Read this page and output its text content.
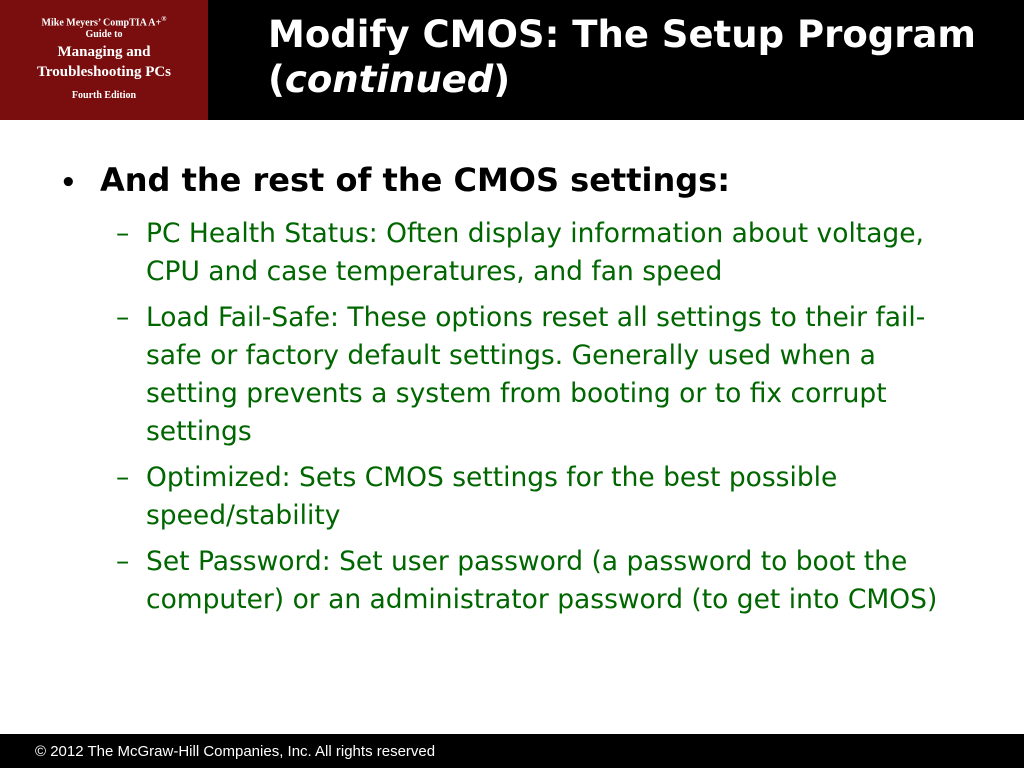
Mike Meyers’ CompTIA A+®
Guide to
Managing and
Troubleshooting PCs
Fourth Edition
Modify CMOS: The Setup Program (continued)
• And the rest of the CMOS settings:
– PC Health Status: Often display information about voltage, CPU and case temperatures, and fan speed
– Load Fail-Safe: These options reset all settings to their fail-safe or factory default settings. Generally used when a setting prevents a system from booting or to fix corrupt settings
– Optimized: Sets CMOS settings for the best possible speed/stability
– Set Password: Set user password (a password to boot the computer) or an administrator password (to get into CMOS)
© 2012 The McGraw-Hill Companies, Inc. All rights reserved
